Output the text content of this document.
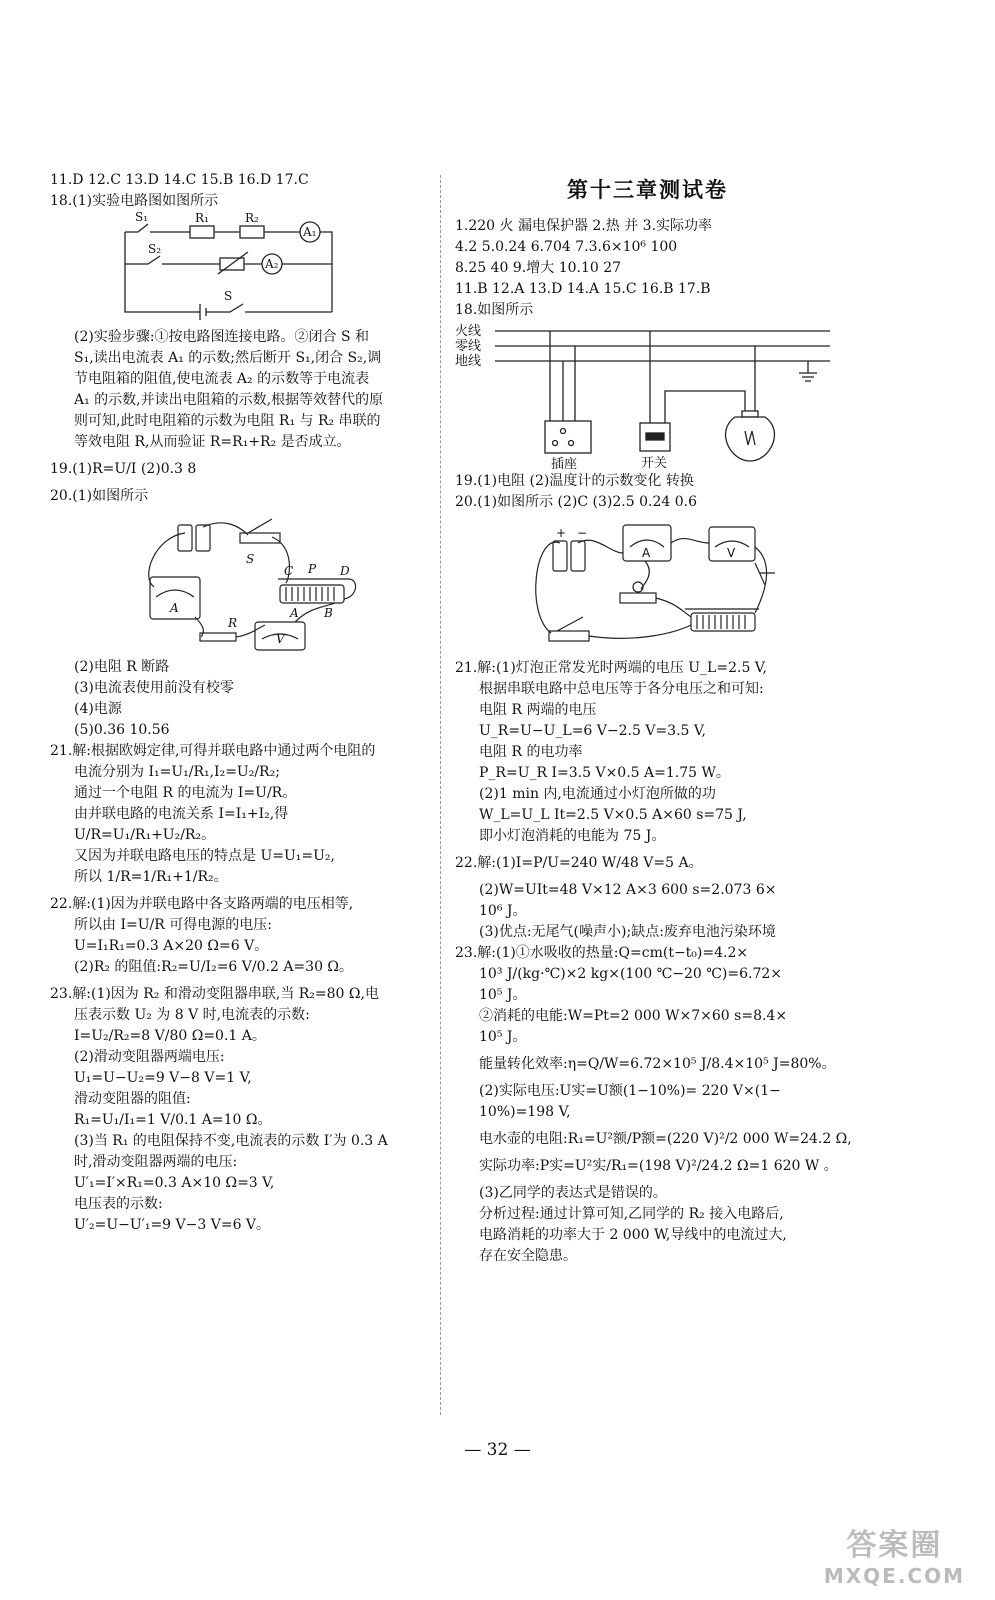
11.D 12.C 13.D 14.C 15.B 16.D 17.C
18.(1)实验电路图如图所示
S₁	R₁	R₂
A₁
S₂
A₂
S
(2)实验步骤:①按电路图连接电路。②闭合 S 和
S₁,读出电流表 A₁ 的示数;然后断开 S₁,闭合 S₂,调
节电阻箱的阻值,使电流表 A₂ 的示数等于电流表
A₁ 的示数,并读出电阻箱的示数,根据等效替代的原
则可知,此时电阻箱的示数为电阻 R₁ 与 R₂ 串联的
等效电阻 R,从而验证 R=R₁+R₂ 是否成立。
19.(1)R=U/I (2)0.3 8
20.(1)如图所示
C P D
S
A	A B
R
V
(2)电阻 R 断路
(3)电流表使用前没有校零
(4)电源
(5)0.36 10.56
21.解:根据欧姆定律,可得并联电路中通过两个电阻的
电流分别为 I₁=U₁/R₁,I₂=U₂/R₂;
通过一个电阻 R 的电流为 I=U/R。
由并联电路的电流关系 I=I₁+I₂,得
U/R=U₁/R₁+U₂/R₂。
又因为并联电路电压的特点是 U=U₁=U₂,
所以 1/R=1/R₁+1/R₂。
22.解:(1)因为并联电路中各支路两端的电压相等,
所以由 I=U/R 可得电源的电压:
U=I₁R₁=0.3 A×20 Ω=6 V。
(2)R₂ 的阻值:R₂=U/I₂=6 V/0.2 A=30 Ω。
23.解:(1)因为 R₂ 和滑动变阻器串联,当 R₂=80 Ω,电
压表示数 U₂ 为 8 V 时,电流表的示数:
I=U₂/R₂=8 V/80 Ω=0.1 A。
(2)滑动变阻器两端电压:
U₁=U−U₂=9 V−8 V=1 V,
滑动变阻器的阻值:
R₁=U₁/I₁=1 V/0.1 A=10 Ω。
(3)当 R₁ 的电阻保持不变,电流表的示数 I′为 0.3 A
时,滑动变阻器两端的电压:
U′₁=I′×R₁=0.3 A×10 Ω=3 V,
电压表的示数:
U′₂=U−U′₁=9 V−3 V=6 V。
第十三章测试卷
1.220 火 漏电保护器 2.热 并 3.实际功率
4.2 5.0.24 6.704 7.3.6×10⁶ 100
8.25 40 9.增大 10.10 27
11.B 12.A 13.D 14.A 15.C 16.B 17.B
18.如图所示
火线
零线
地线
插座	开关
19.(1)电阻 (2)温度计的示数变化 转换
20.(1)如图所示 (2)C (3)2.5 0.24 0.6
+ −
A	V
21.解:(1)灯泡正常发光时两端的电压 U_L=2.5 V,
根据串联电路中总电压等于各分电压之和可知:
电阻 R 两端的电压
U_R=U−U_L=6 V−2.5 V=3.5 V,
电阻 R 的电功率
P_R=U_R I=3.5 V×0.5 A=1.75 W。
(2)1 min 内,电流通过小灯泡所做的功
W_L=U_L It=2.5 V×0.5 A×60 s=75 J,
即小灯泡消耗的电能为 75 J。
22.解:(1)I=P/U=240 W/48 V=5 A。
(2)W=UIt=48 V×12 A×3 600 s=2.073 6×
10⁶ J。
(3)优点:无尾气(噪声小);缺点:废弃电池污染环境
23.解:(1)①水吸收的热量:Q=cm(t−t₀)=4.2×
10³ J/(kg·℃)×2 kg×(100 ℃−20 ℃)=6.72×
10⁵ J。
②消耗的电能:W=Pt=2 000 W×7×60 s=8.4×
10⁵ J。
能量转化效率:η=Q/W=6.72×10⁵ J/8.4×10⁵ J=80%。
(2)实际电压:U实=U额(1−10%)= 220 V×(1−
10%)=198 V,
电水壶的电阻:R₁=U²额/P额=(220 V)²/2 000 W=24.2 Ω,
实际功率:P实=U²实/R₁=(198 V)²/24.2 Ω=1 620 W 。
(3)乙同学的表达式是错误的。
分析过程:通过计算可知,乙同学的 R₂ 接入电路后,
电路消耗的功率大于 2 000 W,导线中的电流过大,
存在安全隐患。
— 32 —
答案圈
MXQE.COM
